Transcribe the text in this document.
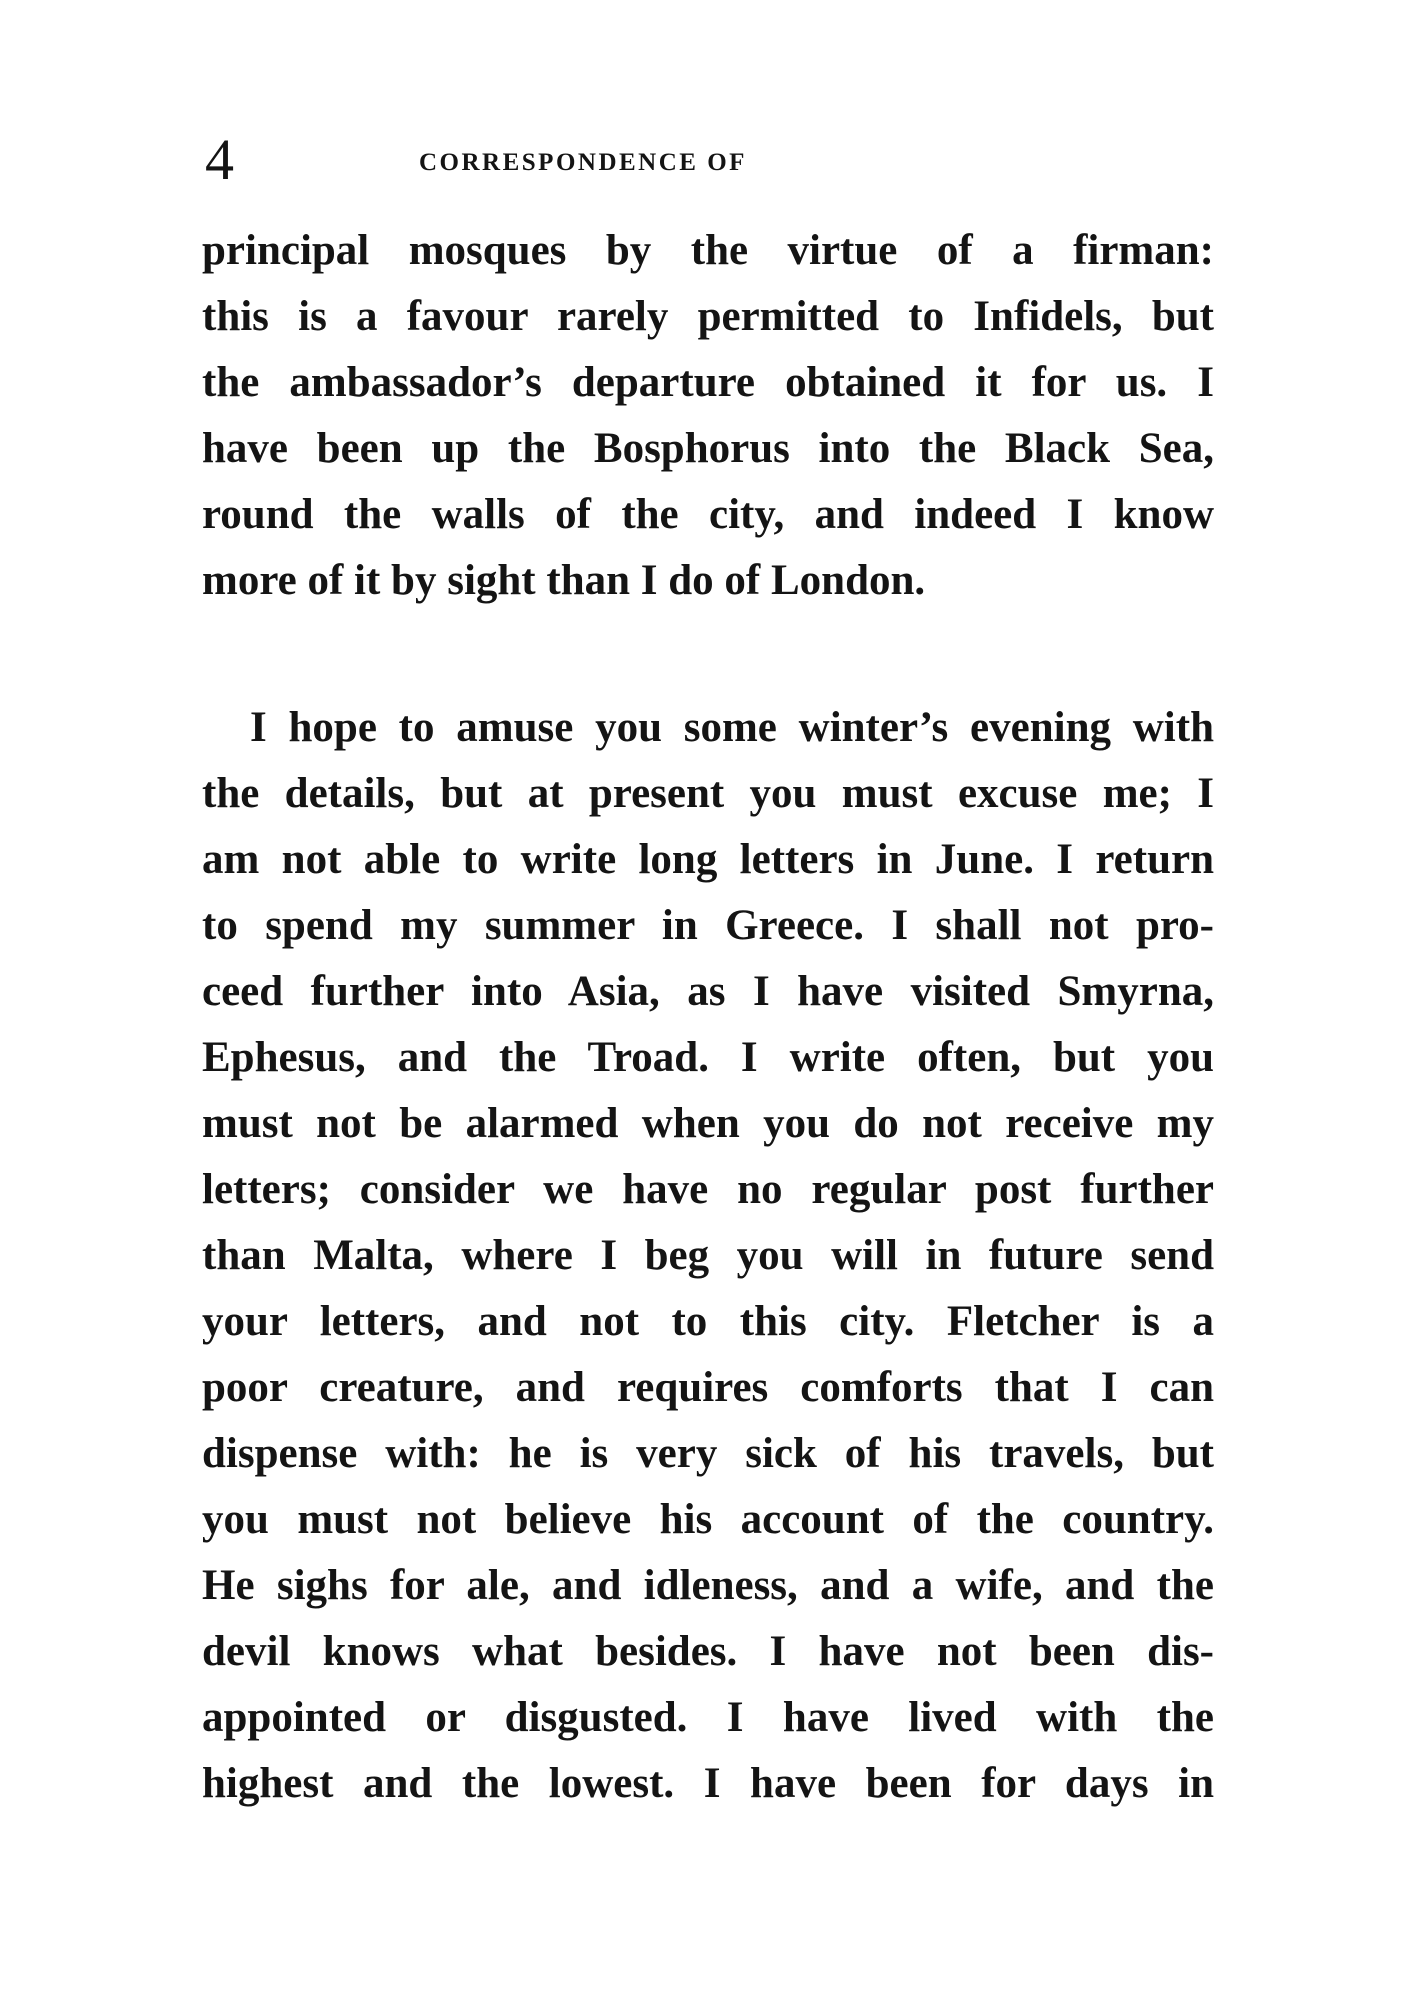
4	CORRESPONDENCE OF
principal mosques by the virtue of a firman:
this is a favour rarely permitted to Infidels, but
the ambassador’s departure obtained it for us. I
have been up the Bosphorus into the Black Sea,
round the walls of the city, and indeed I know
more of it by sight than I do of London.
I hope to amuse you some winter’s evening with
the details, but at present you must excuse me; I
am not able to write long letters in June. I return
to spend my summer in Greece. I shall not pro-
ceed further into Asia, as I have visited Smyrna,
Ephesus, and the Troad. I write often, but you
must not be alarmed when you do not receive my
letters; consider we have no regular post further
than Malta, where I beg you will in future send
your letters, and not to this city. Fletcher is a
poor creature, and requires comforts that I can
dispense with: he is very sick of his travels, but
you must not believe his account of the country.
He sighs for ale, and idleness, and a wife, and the
devil knows what besides. I have not been dis-
appointed or disgusted. I have lived with the
highest and the lowest. I have been for days in
